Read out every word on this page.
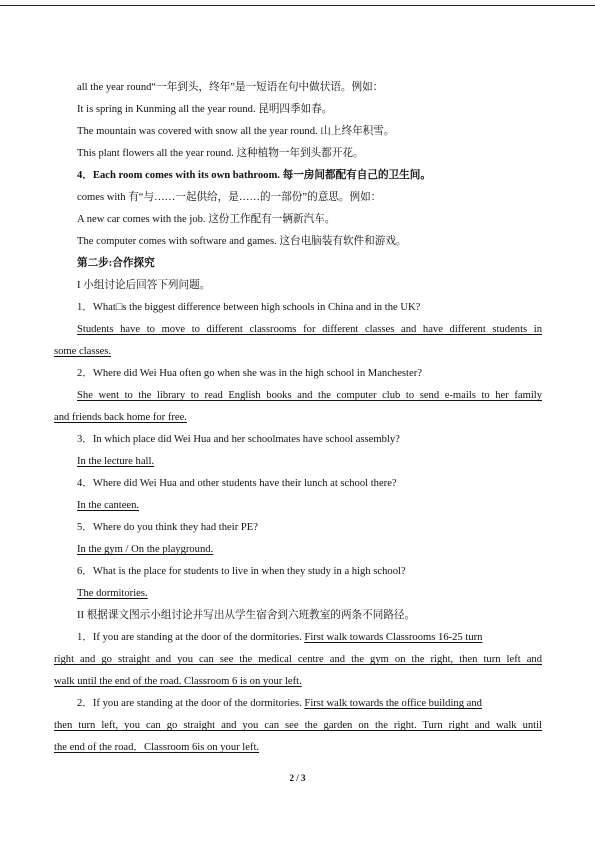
all the year round“一年到头，终年”是一短语在句中做状语。例如：
It is spring in Kunming all the year round. 昆明四季如春。
The mountain was covered with snow all the year round. 山上终年积雪。
This plant flowers all the year round. 这种植物一年到头都开花。
4．Each room comes with its own bathroom. 每一房间都配有自己的卫生间。
comes with 有“与……一起供给，是……的一部份”的意思。例如：
A new car comes with the job. 这份工作配有一辆新汽车。
The computer comes with software and games. 这台电脑装有软件和游戏。
第二步:合作探究
I 小组讨论后回答下列问题。
1．What□s the biggest difference between high schools in China and in the UK?
Students have to move to different classrooms for different classes and have different students in
some classes.
2．Where did Wei Hua often go when she was in the high school in Manchester?
She went to the library to read English books and the computer club to send e-mails to her family
and friends back home for free.
3．In which place did Wei Hua and her schoolmates have school assembly?
In the lecture hall.
4．Where did Wei Hua and other students have their lunch at school there?
In the canteen.
5．Where do you think they had their PE?
In the gym / On the playground.
6．What is the place for students to live in when they study in a high school?
The dormitories.
II 根据课文图示小组讨论并写出从学生宿舍到六班教室的两条不同路径。
1．If you are standing at the door of the dormitories. First walk towards Classrooms 16-25 turn
right and go straight and you can see the medical centre and the gym on the right, then turn left and
walk until the end of the road. Classroom 6 is on your left.
2．If you are standing at the door of the dormitories. First walk towards the office building and
then turn left, you can go straight and you can see the garden on the right. Turn right and walk until
the end of the road．Classroom 6is on your left.
2 / 3
